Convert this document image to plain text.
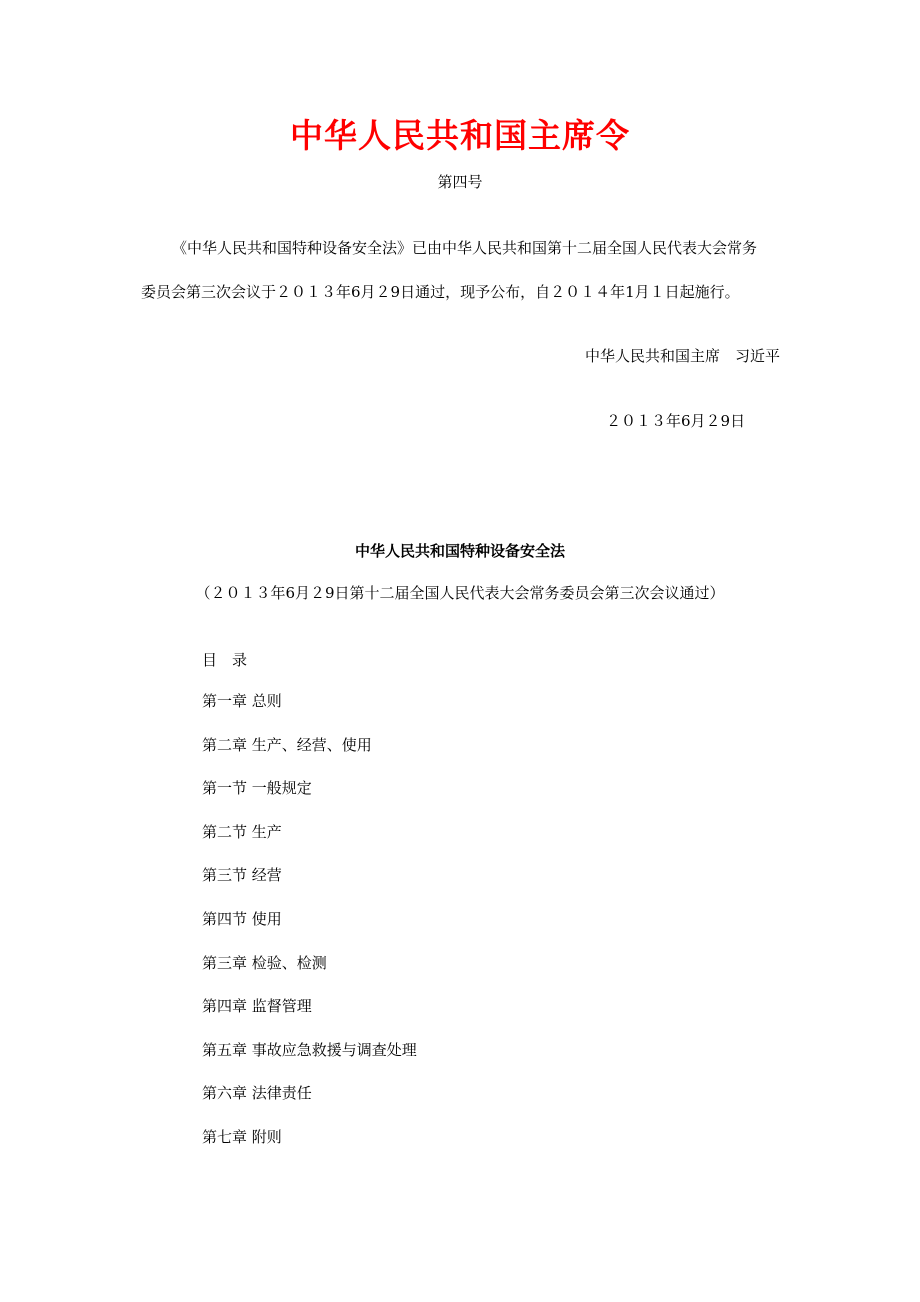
中华人民共和国主席令
第四号
《中华人民共和国特种设备安全法》已由中华人民共和国第十二届全国人民代表大会常务
委员会第三次会议于２０１３年6月２9日通过，现予公布，自２０１４年1月１日起施行。
中华人民共和国主席　习近平
２０１３年6月２9日
中华人民共和国特种设备安全法
（２０１３年6月２9日第十二届全国人民代表大会常务委员会第三次会议通过）
目　录
第一章 总则
第二章 生产、经营、使用
第一节 一般规定
第二节 生产
第三节 经营
第四节 使用
第三章 检验、检测
第四章 监督管理
第五章 事故应急救援与调查处理
第六章 法律责任
第七章 附则
